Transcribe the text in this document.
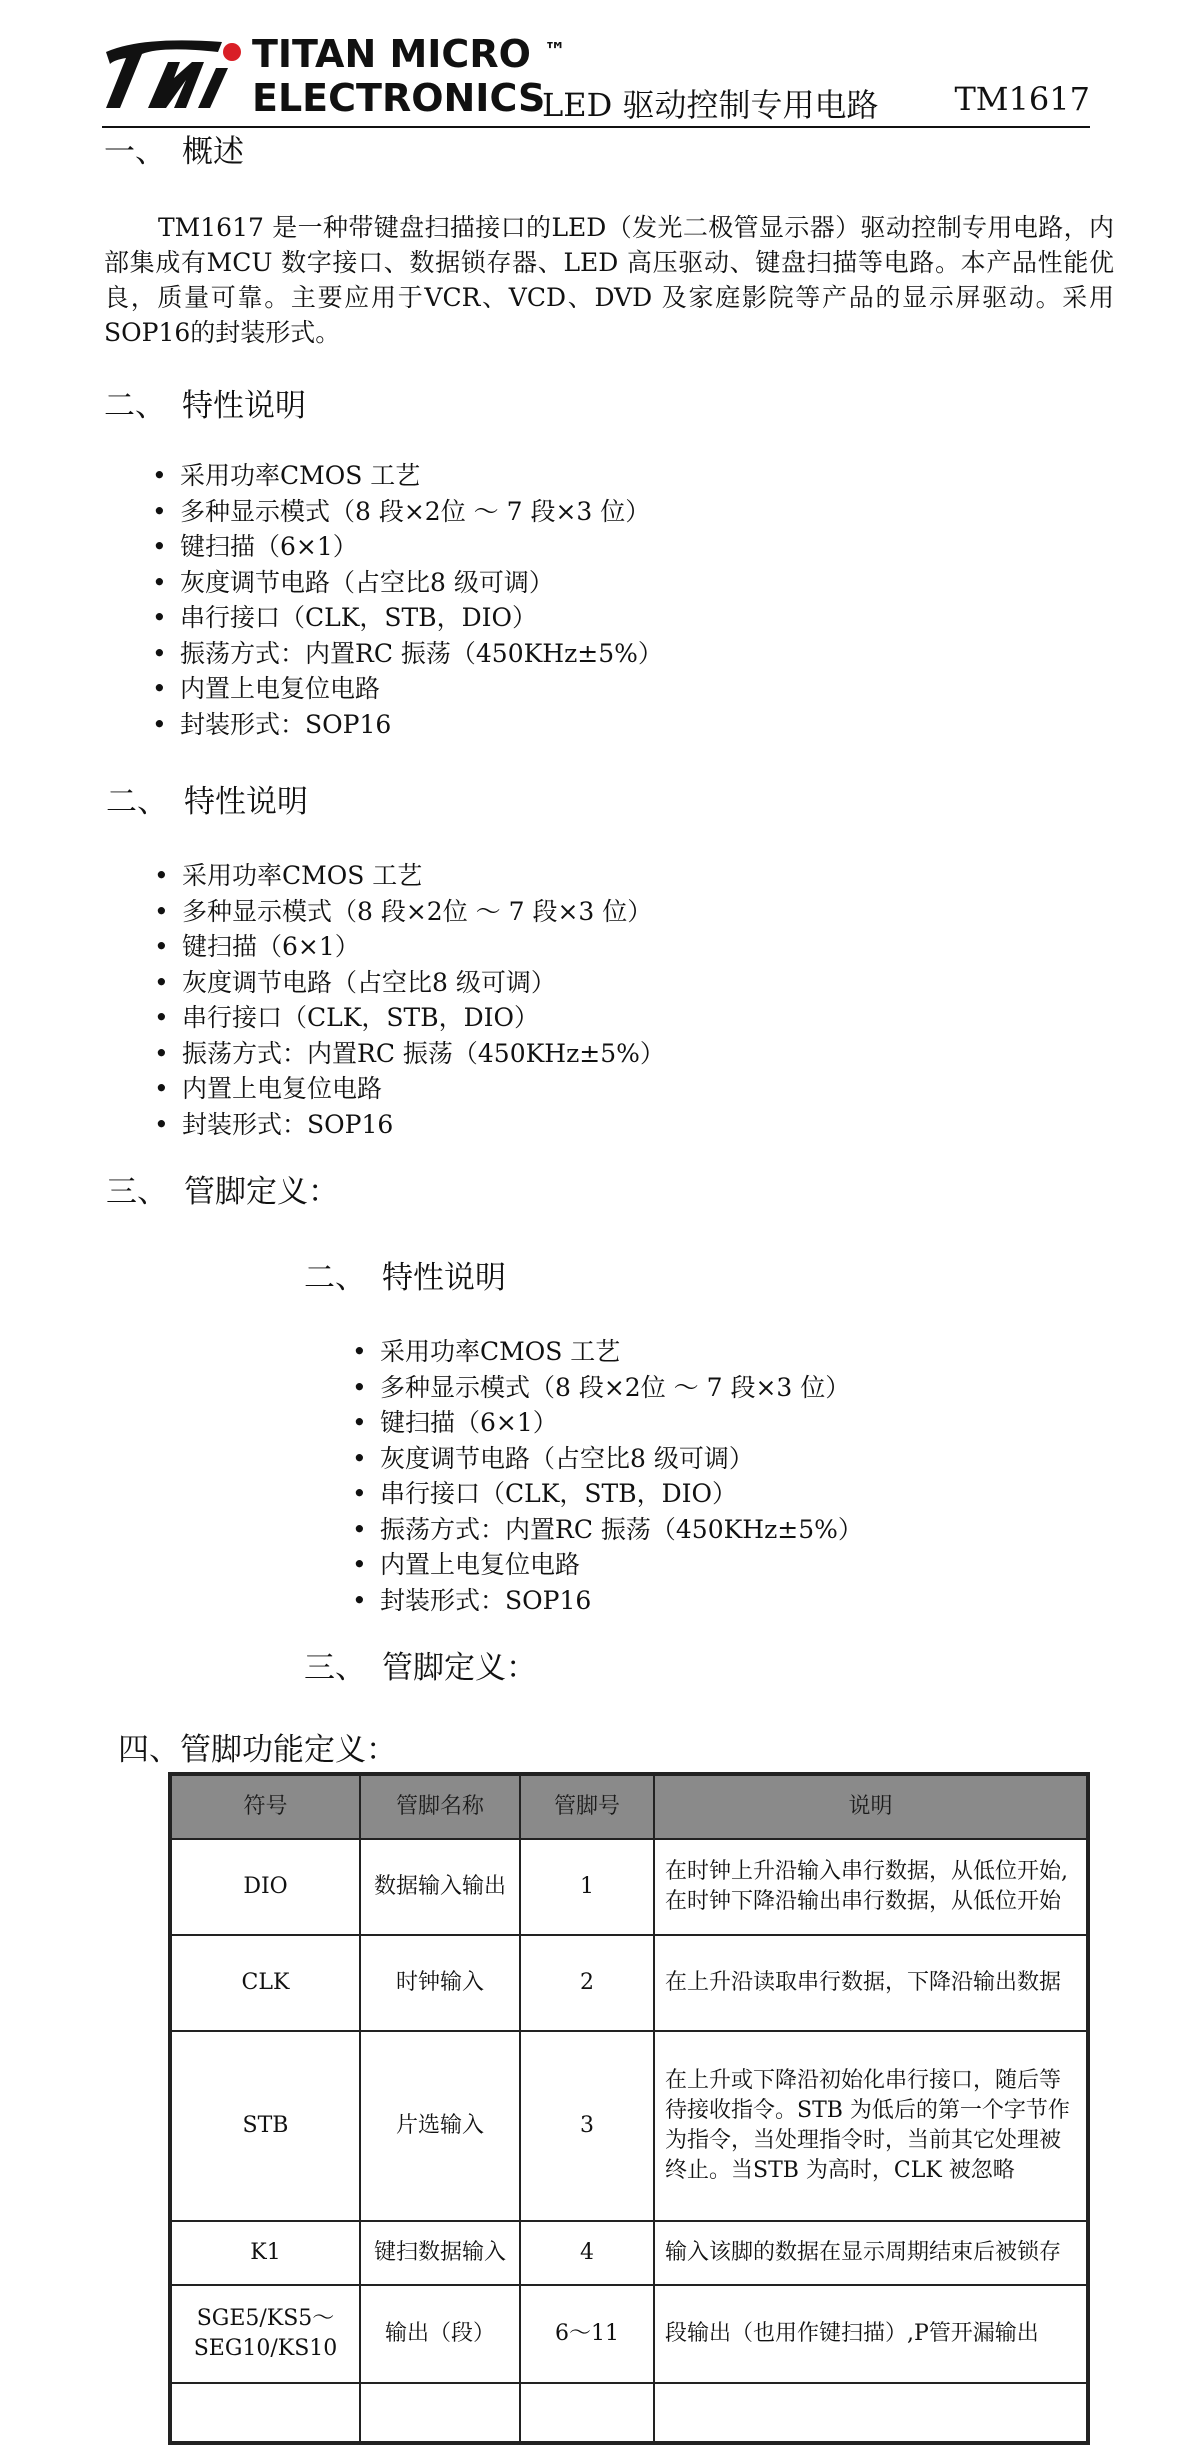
TITAN MICRO ™
ELECTRONICS
LED 驱动控制专用电路 TM1617
一、 概述

TM1617 是一种带键盘扫描接口的LED（发光二极管显示器）驱动控制专用电路，内部集成有MCU 数字接口、数据锁存器、LED 高压驱动、键盘扫描等电路。本产品性能优良，质量可靠。主要应用于VCR、VCD、DVD 及家庭影院等产品的显示屏驱动。采用SOP16的封装形式。

二、 特性说明
• 采用功率CMOS 工艺
• 多种显示模式（8 段×2位 ～ 7 段×3 位）
• 键扫描（6×1）
• 灰度调节电路（占空比8 级可调）
• 串行接口（CLK，STB，DIO）
• 振荡方式：内置RC 振荡（450KHz±5%）
• 内置上电复位电路
• 封装形式：SOP16
二、 特性说明
• 采用功率CMOS 工艺
• 多种显示模式（8 段×2位 ～ 7 段×3 位）
• 键扫描（6×1）
• 灰度调节电路（占空比8 级可调）
• 串行接口（CLK，STB，DIO）
• 振荡方式：内置RC 振荡（450KHz±5%）
• 内置上电复位电路
• 封装形式：SOP16
三、 管脚定义：
二、 特性说明
• 采用功率CMOS 工艺
• 多种显示模式（8 段×2位 ～ 7 段×3 位）
• 键扫描（6×1）
• 灰度调节电路（占空比8 级可调）
• 串行接口（CLK，STB，DIO）
• 振荡方式：内置RC 振荡（450KHz±5%）
• 内置上电复位电路
• 封装形式：SOP16
三、 管脚定义：
四、管脚功能定义：
符号	管脚名称	管脚号	说明
DIO	数据输入输出	1	在时钟上升沿输入串行数据，从低位开始,在时钟下降沿输出串行数据，从低位开始
CLK	时钟输入	2	在上升沿读取串行数据，下降沿输出数据
STB	片选输入	3	在上升或下降沿初始化串行接口，随后等待接收指令。STB 为低后的第一个字节作为指令，当处理指令时，当前其它处理被终止。当STB 为高时，CLK 被忽略
K1	键扫数据输入	4	输入该脚的数据在显示周期结束后被锁存
SGE5/KS5～SEG10/KS10	输出（段）	6～11	段输出（也用作键扫描）,P管开漏输出
